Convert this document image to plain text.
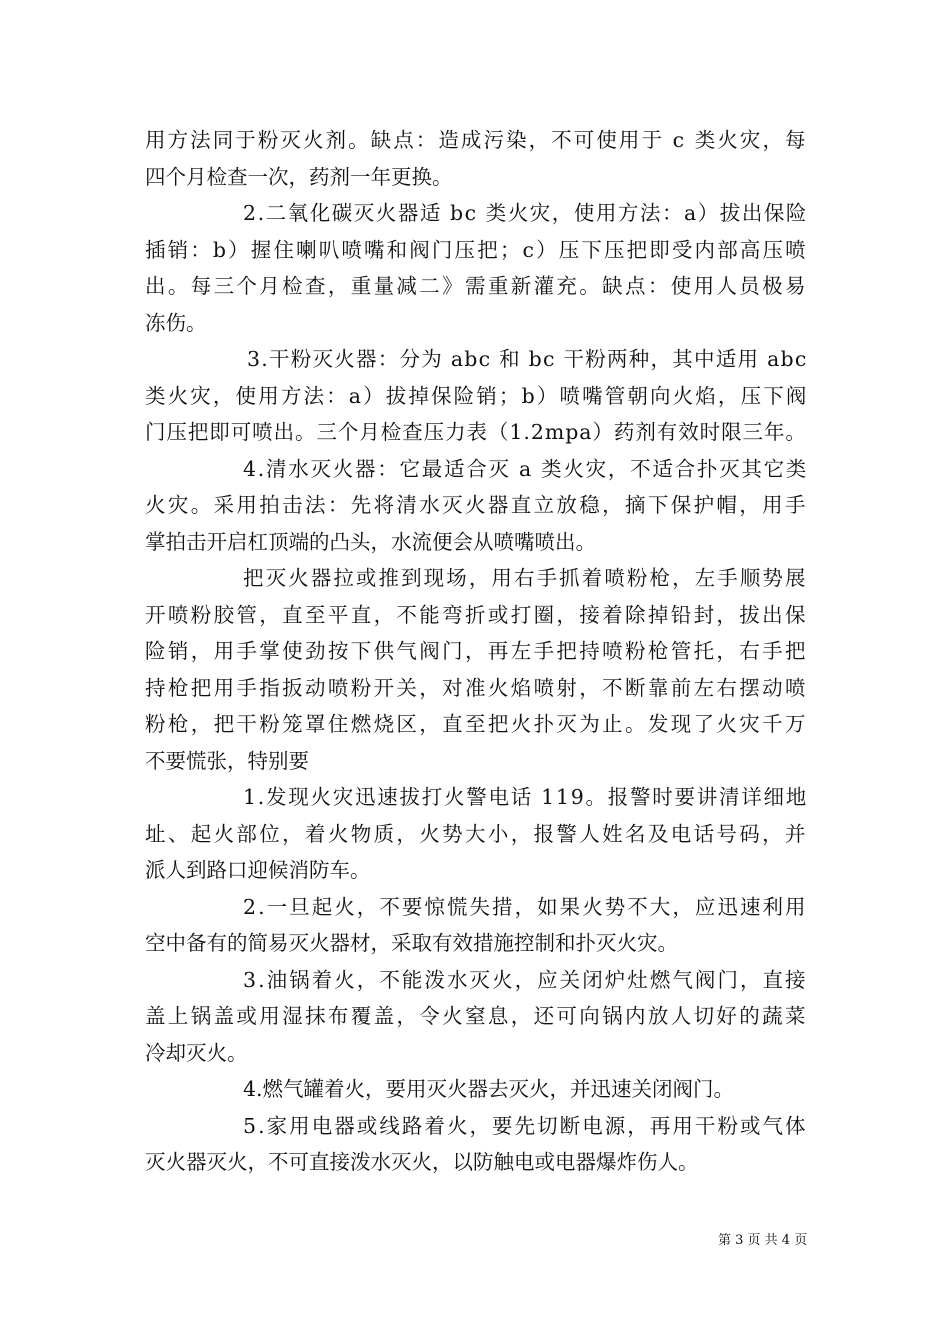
用方法同于粉灭火剂。缺点：造成污染，不可使用于 c 类火灾，每
四个月检查一次，药剂一年更换。
2.二氧化碳灭火器适 bc 类火灾，使用方法：a）拔出保险
插销：b）握住喇叭喷嘴和阀门压把；c）压下压把即受内部高压喷
出。每三个月检查，重量减二》需重新灌充。缺点：使用人员极易
冻伤。
3.干粉灭火器：分为 abc 和 bc 干粉两种，其中适用 abc
类火灾，使用方法：a）拔掉保险销；b）喷嘴管朝向火焰，压下阀
门压把即可喷出。三个月检查压力表（1.2mpa）药剂有效时限三年。
4.清水灭火器：它最适合灭 a 类火灾，不适合扑灭其它类
火灾。采用拍击法：先将清水灭火器直立放稳，摘下保护帽，用手
掌拍击开启杠顶端的凸头，水流便会从喷嘴喷出。
把灭火器拉或推到现场，用右手抓着喷粉枪，左手顺势展
开喷粉胶管，直至平直，不能弯折或打圈，接着除掉铅封，拔出保
险销，用手掌使劲按下供气阀门，再左手把持喷粉枪管托，右手把
持枪把用手指扳动喷粉开关，对准火焰喷射，不断靠前左右摆动喷
粉枪，把干粉笼罩住燃烧区，直至把火扑灭为止。发现了火灾千万
不要慌张，特别要
1.发现火灾迅速拔打火警电话 119。报警时要讲清详细地
址、起火部位，着火物质，火势大小，报警人姓名及电话号码，并
派人到路口迎候消防车。
2.一旦起火，不要惊慌失措，如果火势不大，应迅速利用
空中备有的简易灭火器材，采取有效措施控制和扑灭火灾。
3.油锅着火，不能泼水灭火，应关闭炉灶燃气阀门，直接
盖上锅盖或用湿抹布覆盖，令火窒息，还可向锅内放人切好的蔬菜
冷却灭火。
4.燃气罐着火，要用灭火器去灭火，并迅速关闭阀门。
5.家用电器或线路着火，要先切断电源，再用干粉或气体
灭火器灭火，不可直接泼水灭火，以防触电或电器爆炸伤人。
第 3 页 共 4 页
